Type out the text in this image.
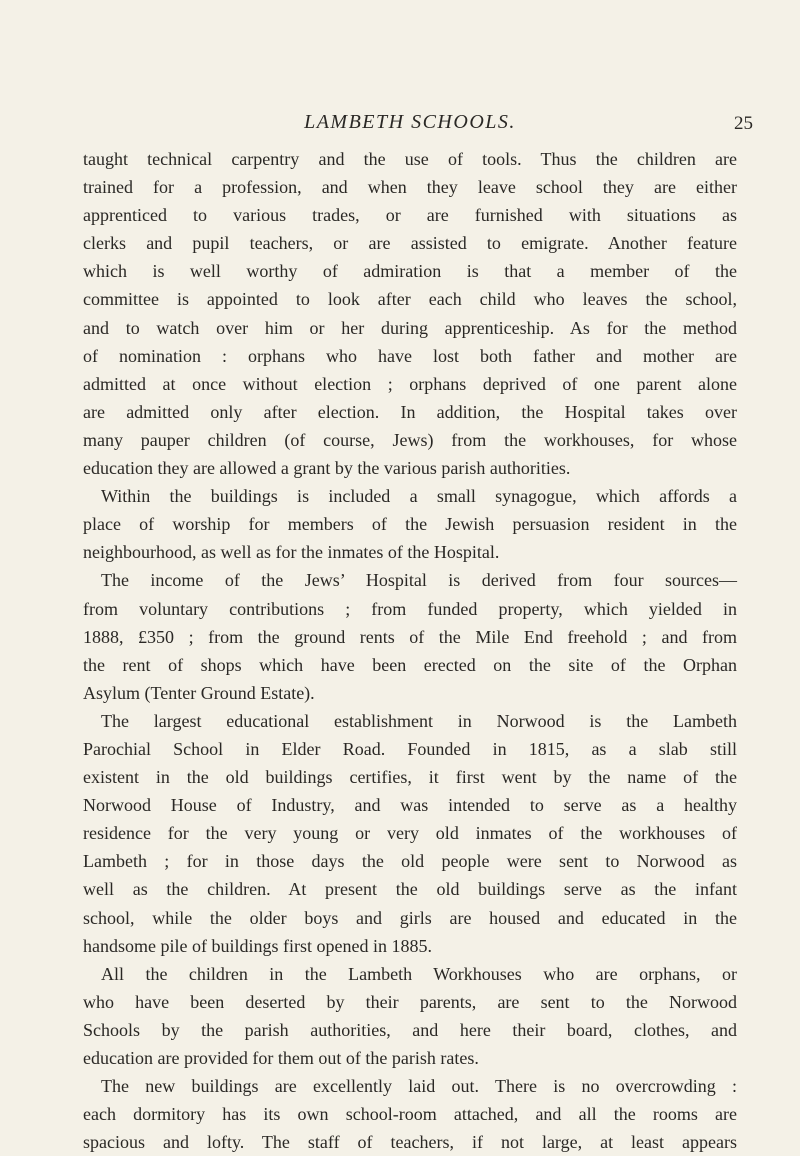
LAMBETH SCHOOLS.	25
taught technical carpentry and the use of tools. Thus the children are
trained for a profession, and when they leave school they are either
apprenticed to various trades, or are furnished with situations as
clerks and pupil teachers, or are assisted to emigrate. Another feature
which is well worthy of admiration is that a member of the
committee is appointed to look after each child who leaves the school,
and to watch over him or her during apprenticeship. As for the method
of nomination : orphans who have lost both father and mother are
admitted at once without election ; orphans deprived of one parent alone
are admitted only after election. In addition, the Hospital takes over
many pauper children (of course, Jews) from the workhouses, for whose
education they are allowed a grant by the various parish authorities.
Within the buildings is included a small synagogue, which affords a
place of worship for members of the Jewish persuasion resident in the
neighbourhood, as well as for the inmates of the Hospital.
The income of the Jews’ Hospital is derived from four sources—
from voluntary contributions ; from funded property, which yielded in
1888, £350 ; from the ground rents of the Mile End freehold ; and from
the rent of shops which have been erected on the site of the Orphan
Asylum (Tenter Ground Estate).
The largest educational establishment in Norwood is the Lambeth
Parochial School in Elder Road. Founded in 1815, as a slab still
existent in the old buildings certifies, it first went by the name of the
Norwood House of Industry, and was intended to serve as a healthy
residence for the very young or very old inmates of the workhouses of
Lambeth ; for in those days the old people were sent to Norwood as
well as the children. At present the old buildings serve as the infant
school, while the older boys and girls are housed and educated in the
handsome pile of buildings first opened in 1885.
All the children in the Lambeth Workhouses who are orphans, or
who have been deserted by their parents, are sent to the Norwood
Schools by the parish authorities, and here their board, clothes, and
education are provided for them out of the parish rates.
The new buildings are excellently laid out. There is no overcrowding :
each dormitory has its own school-room attached, and all the rooms are
spacious and lofty. The staff of teachers, if not large, at least appears
